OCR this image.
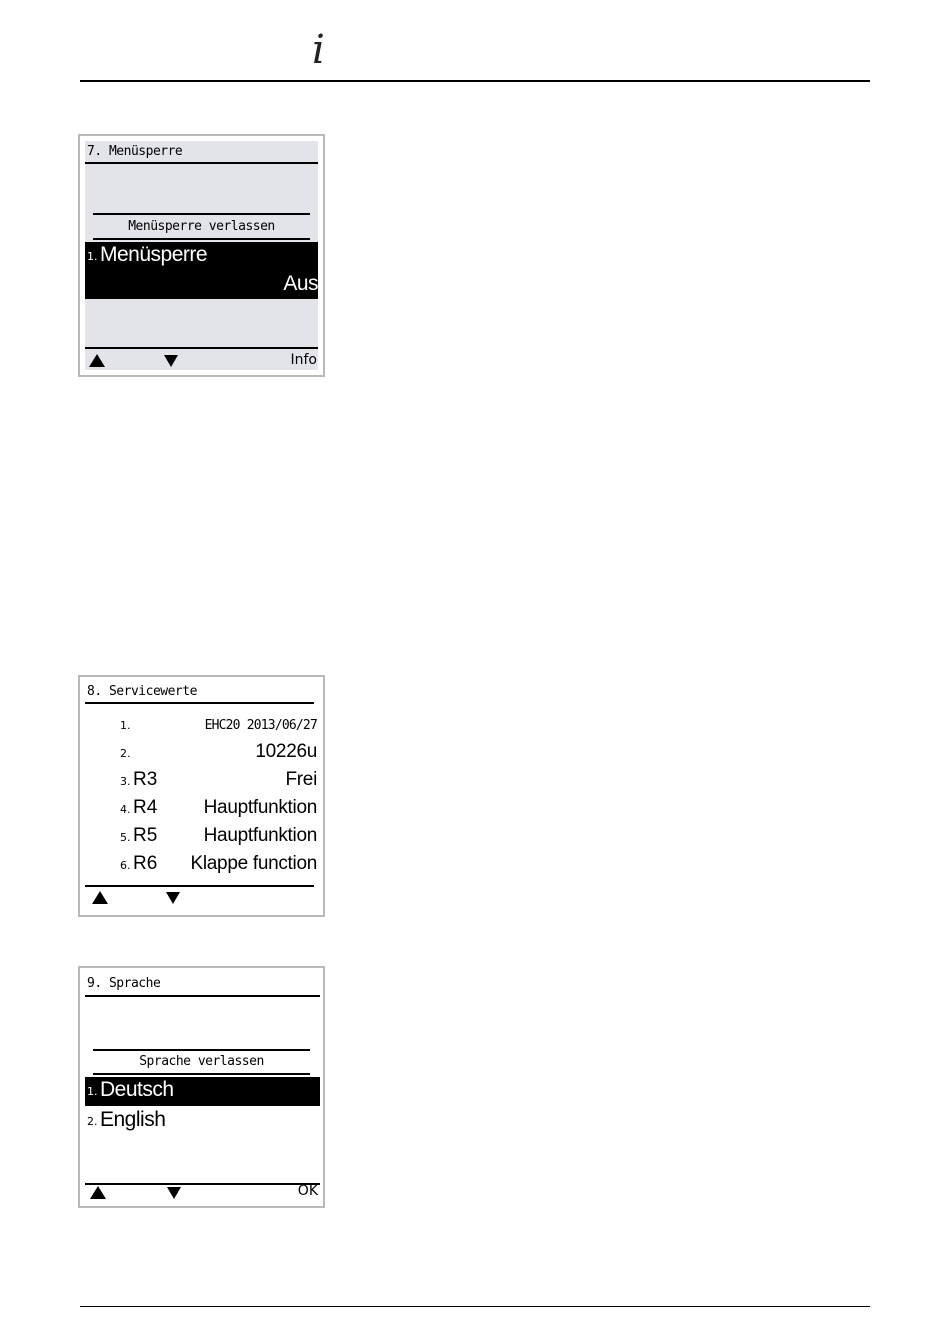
i
7. Menüsperre
Menüsperre verlassen
1. Menüsperre
Aus
Info
8. Servicewerte
1.	EHC20 2013/06/27
2.	10226u
3. R3	Frei
4. R4 Hauptfunktion
5. R5 Hauptfunktion
6. R6 Klappe function
9. Sprache
Sprache verlassen
1. Deutsch
2. English
OK
